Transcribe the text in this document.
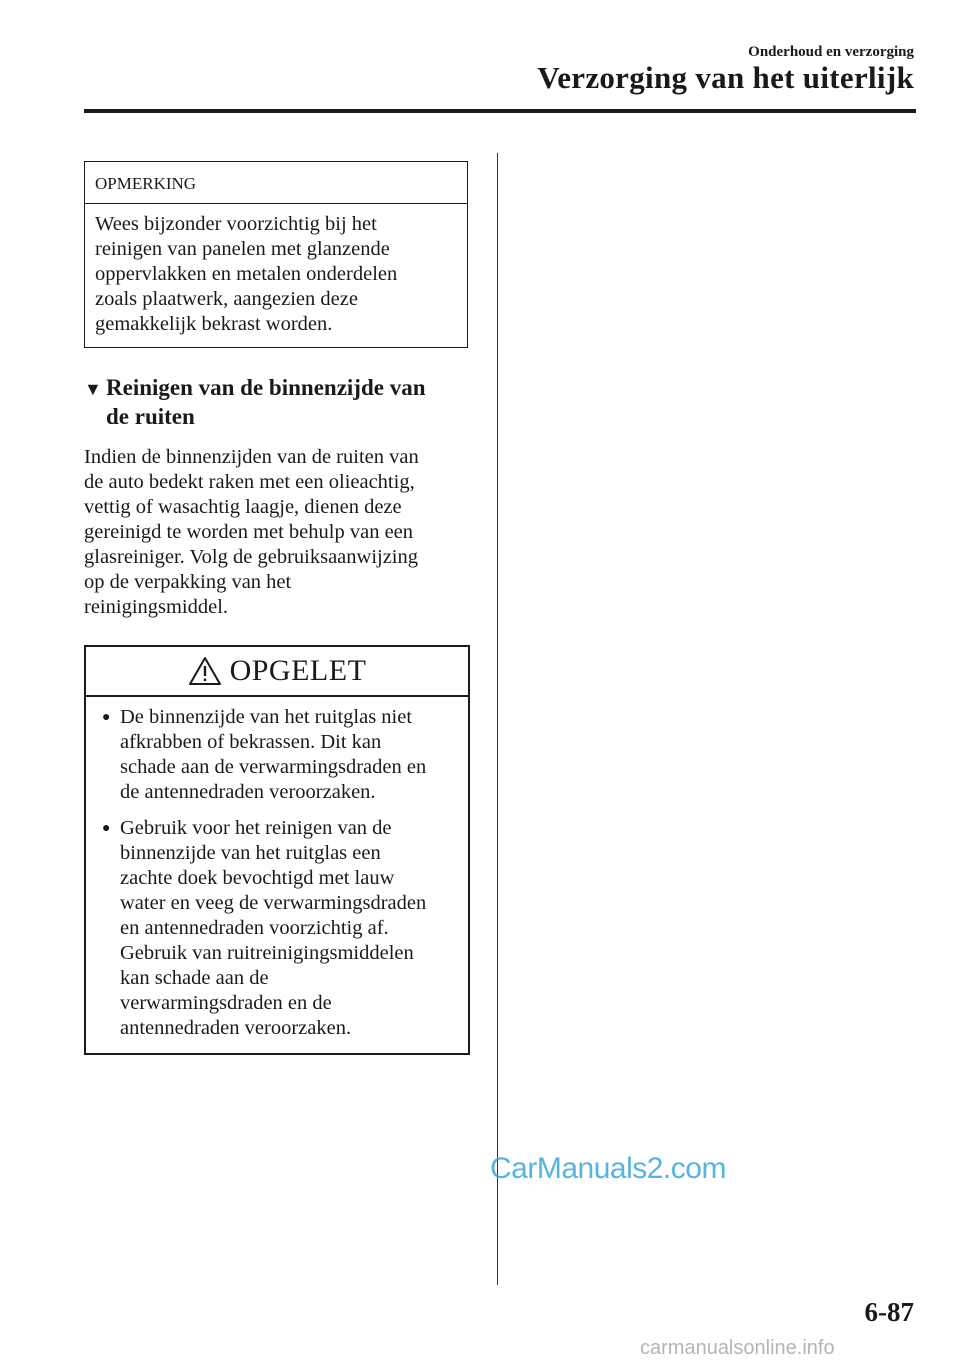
Onderhoud en verzorging
Verzorging van het uiterlijk
OPMERKING
Wees bijzonder voorzichtig bij het
reinigen van panelen met glanzende
oppervlakken en metalen onderdelen
zoals plaatwerk, aangezien deze
gemakkelijk bekrast worden.
▼ Reinigen van de binnenzijde van
de ruiten
Indien de binnenzijden van de ruiten van
de auto bedekt raken met een olieachtig,
vettig of wasachtig laagje, dienen deze
gereinigd te worden met behulp van een
glasreiniger. Volg de gebruiksaanwijzing
op de verpakking van het
reinigingsmiddel.
OPGELET
● De binnenzijde van het ruitglas niet
afkrabben of bekrassen. Dit kan
schade aan de verwarmingsdraden en
de antennedraden veroorzaken.
● Gebruik voor het reinigen van de
binnenzijde van het ruitglas een
zachte doek bevochtigd met lauw
water en veeg de verwarmingsdraden
en antennedraden voorzichtig af.
Gebruik van ruitreinigingsmiddelen
kan schade aan de
verwarmingsdraden en de
antennedraden veroorzaken.
CarManuals2.com
6-87
carmanualsonline.info
